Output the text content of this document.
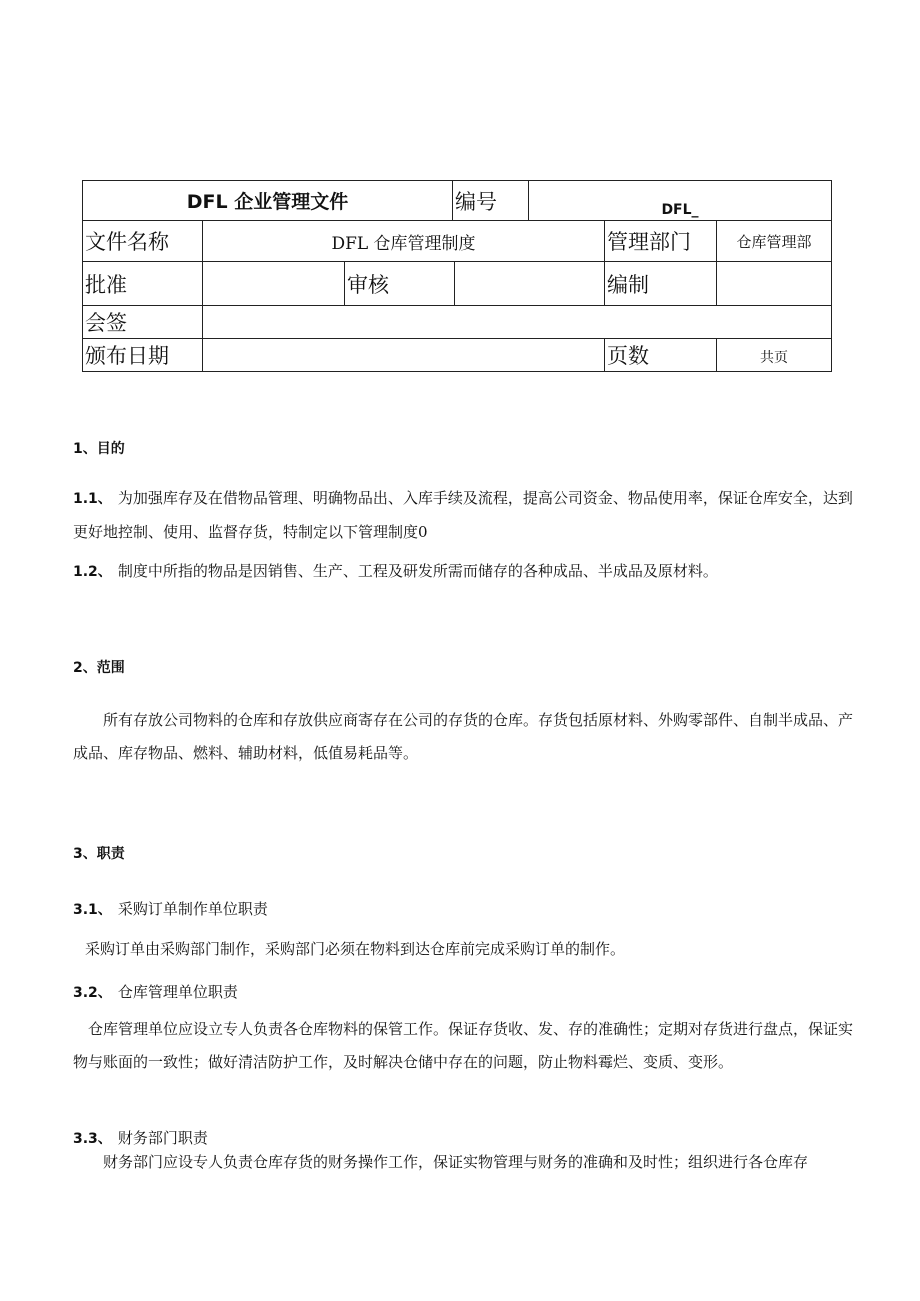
DFL 企业管理文件	编号	DFL_
文件名称	DFL 仓库管理制度	管理部门	仓库管理部
批准	审核	编制
会签
颁布日期	页数	共页
1、目的

1.1、 为加强库存及在借物品管理、明确物品出、入库手续及流程，提高公司资金、物品使用率，保证仓库安全，达到更好地控制、使用、监督存货，特制定以下管理制度0

1.2、 制度中所指的物品是因销售、生产、工程及研发所需而储存的各种成品、半成品及原材料。

2、范围

所有存放公司物料的仓库和存放供应商寄存在公司的存货的仓库。存货包括原材料、外购零部件、自制半成品、产成品、库存物品、燃料、辅助材料，低值易耗品等。

3、职责
3.1、 采购订单制作单位职责

采购订单由采购部门制作，采购部门必须在物料到达仓库前完成采购订单的制作。

3.2、 仓库管理单位职责

仓库管理单位应设立专人负责各仓库物料的保管工作。保证存货收、发、存的准确性；定期对存货进行盘点，保证实物与账面的一致性；做好清洁防护工作，及时解决仓储中存在的问题，防止物料霉烂、变质、变形。

3.3、 财务部门职责

财务部门应设专人负责仓库存货的财务操作工作，保证实物管理与财务的准确和及时性；组织进行各仓库存
